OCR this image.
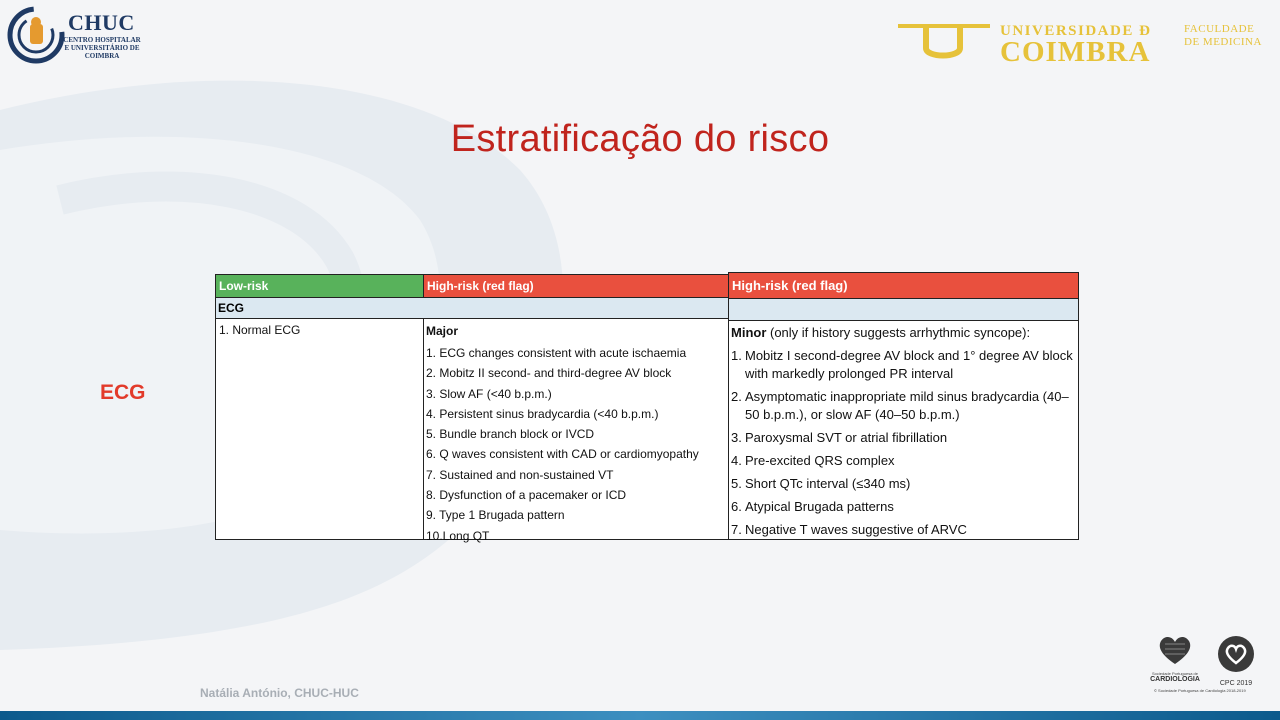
CHUC
CENTRO HOSPITALAR E UNIVERSITÁRIO DE COIMBRA
UNIVERSIDADE Đ
COIMBRA
FACULDADE DE MEDICINA
Estratificação do risco
ECG
Low-risk	High-risk (red flag)
ECG
1. Normal ECG	Major
1. ECG changes consistent with acute ischaemia
2. Mobitz II second- and third-degree AV block
3. Slow AF (<40 b.p.m.)
4. Persistent sinus bradycardia (<40 b.p.m.)
5. Bundle branch block or IVCD
6. Q waves consistent with CAD or cardiomyopathy
7. Sustained and non-sustained VT
8. Dysfunction of a pacemaker or ICD
9. Type 1 Brugada pattern
10.Long QT
High-risk (red flag)
Minor (only if history suggests arrhythmic syncope):
1. Mobitz I second-degree AV block and 1° degree AV block with markedly prolonged PR interval
2. Asymptomatic inappropriate mild sinus bradycardia (40–50 b.p.m.), or slow AF (40–50 b.p.m.)
3. Paroxysmal SVT or atrial fibrillation
4. Pre-excited QRS complex
5. Short QTc interval (≤340 ms)
6. Atypical Brugada patterns
7. Negative T waves suggestive of ARVC
Natália António, CHUC-HUC
Sociedade Portuguesa de
CARDIOLOGIA
CPC 2019
© Sociedade Portuguesa de Cardiologia 2018-2019
